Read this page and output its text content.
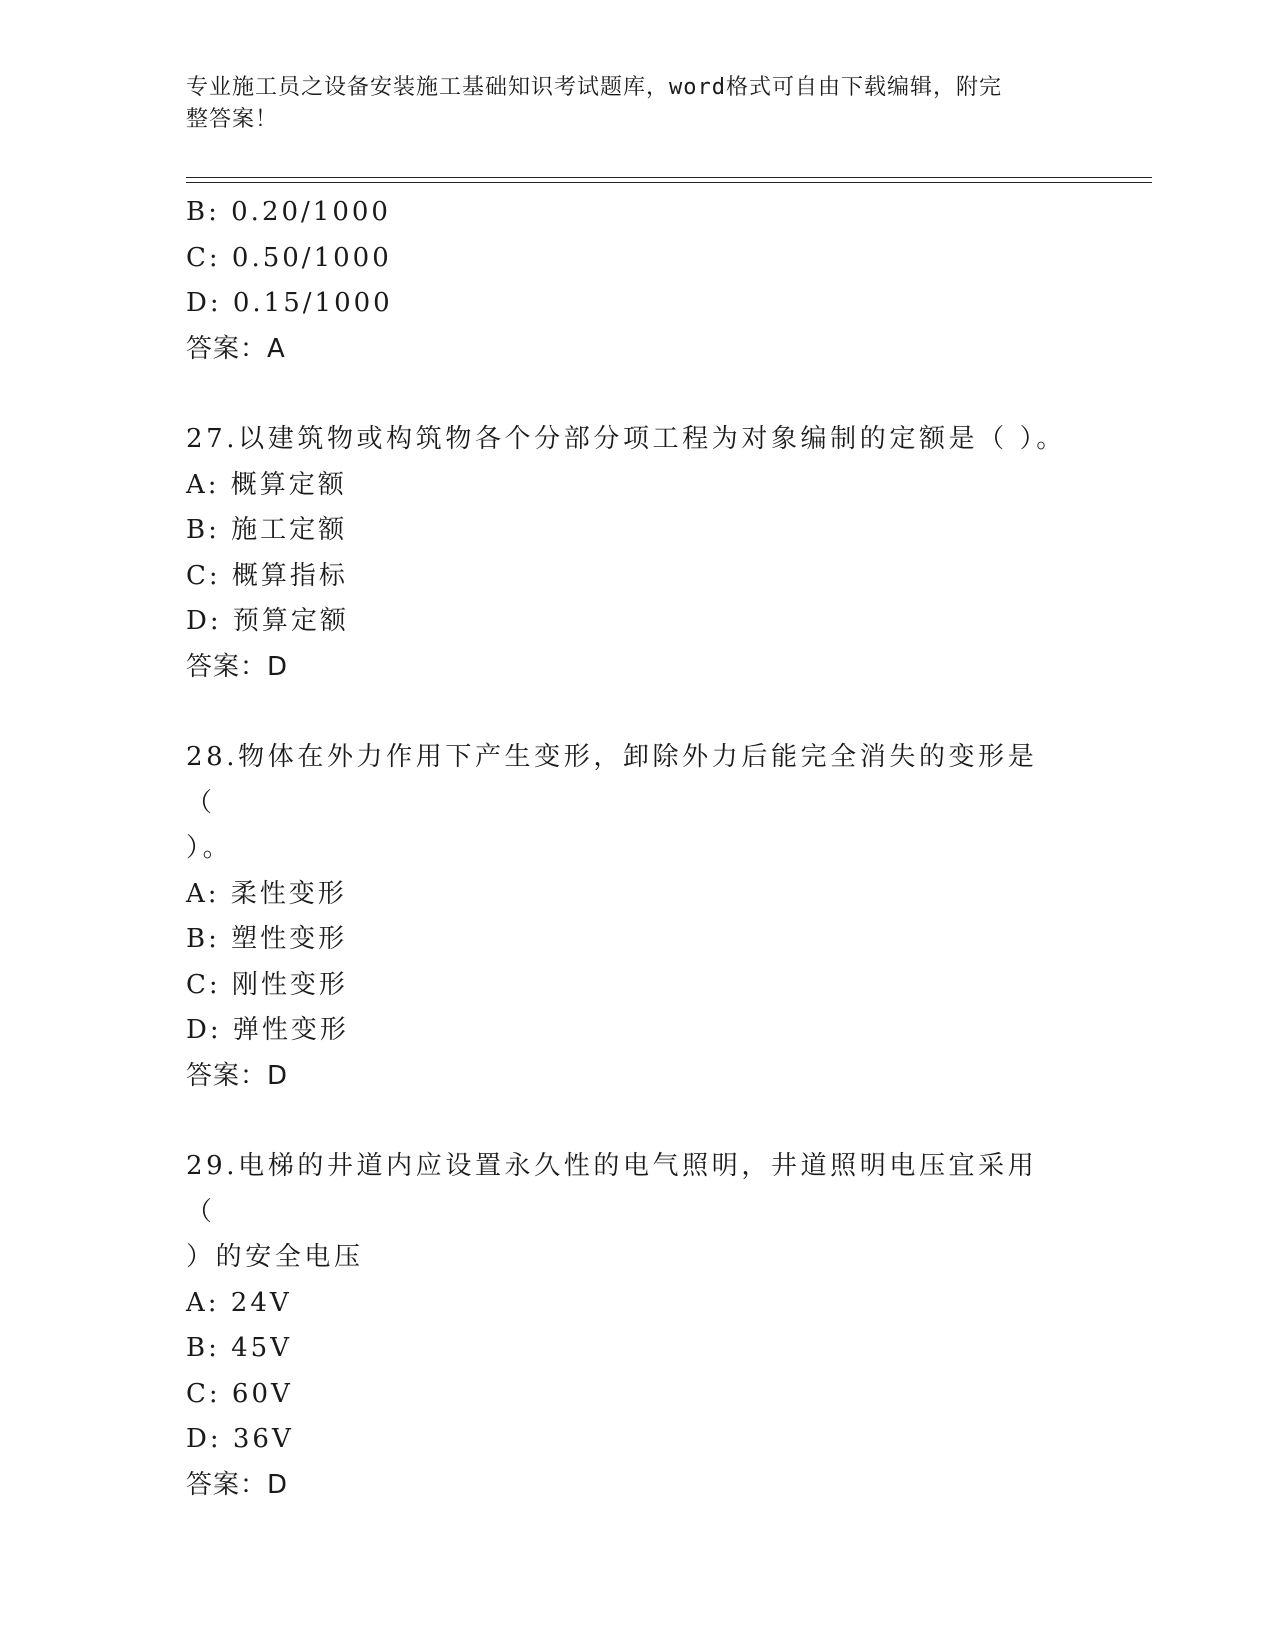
专业施工员之设备安装施工基础知识考试题库，word格式可自由下载编辑，附完
整答案！
B: 0.20/1000
C: 0.50/1000
D: 0.15/1000
答案：A
27.以建筑物或构筑物各个分部分项工程为对象编制的定额是（ ）。
A: 概算定额
B: 施工定额
C: 概算指标
D: 预算定额
答案：D
28.物体在外力作用下产生变形，卸除外力后能完全消失的变形是（
）。
A: 柔性变形
B: 塑性变形
C: 刚性变形
D: 弹性变形
答案：D
29.电梯的井道内应设置永久性的电气照明，井道照明电压宜采用（
）的安全电压
A: 24V
B: 45V
C: 60V
D: 36V
答案：D
